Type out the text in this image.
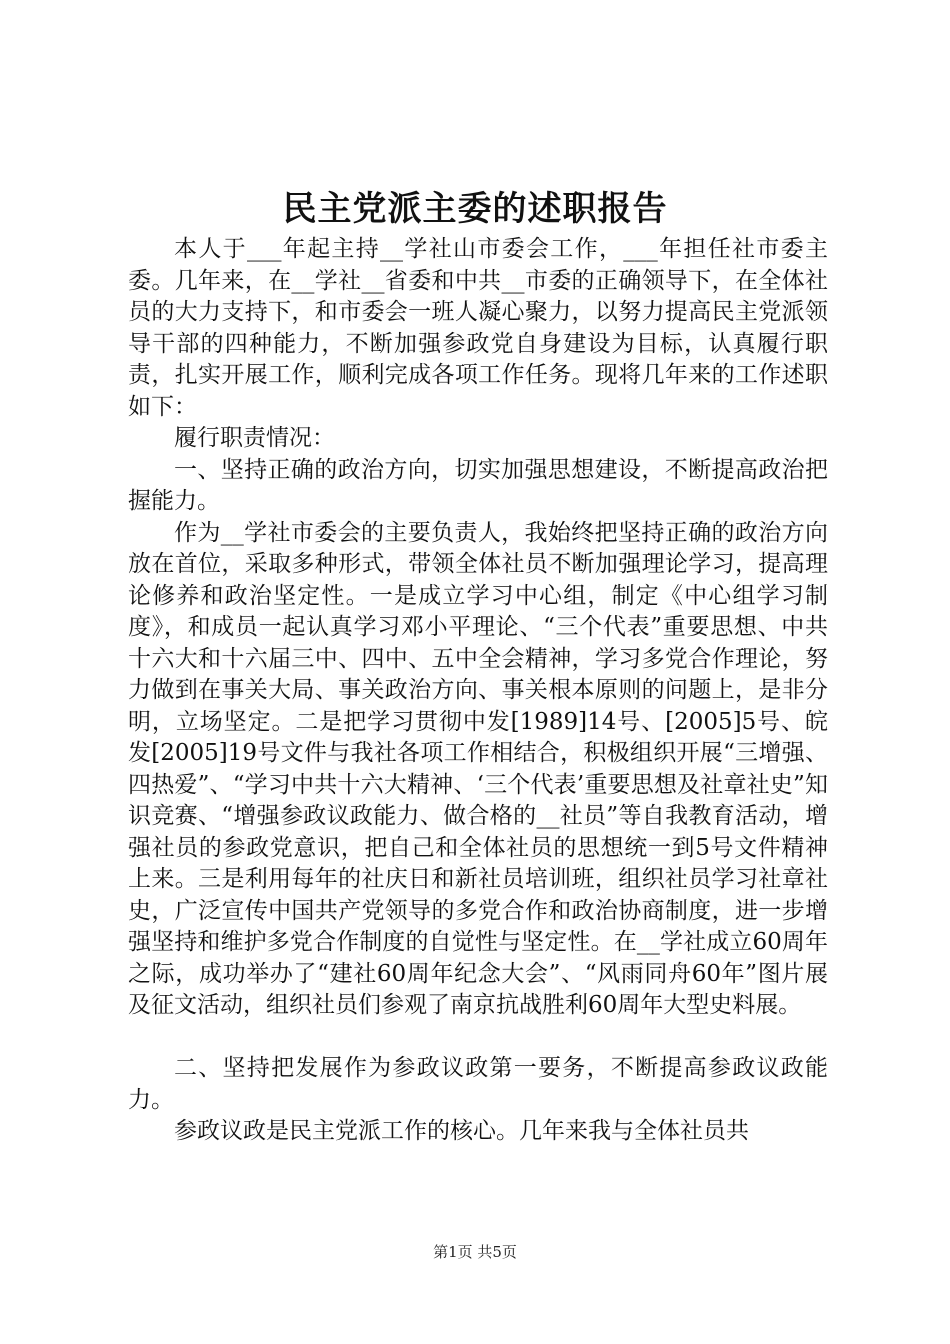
民主党派主委的述职报告

本人于___年起主持__学社山市委会工作，___年担任社市委主委。几年来，在__学社__省委和中共__市委的正确领导下，在全体社员的大力支持下，和市委会一班人凝心聚力，以努力提高民主党派领导干部的四种能力，不断加强参政党自身建设为目标，认真履行职责，扎实开展工作，顺利完成各项工作任务。现将几年来的工作述职如下：

履行职责情况：

一、坚持正确的政治方向，切实加强思想建设，不断提高政治把握能力。

作为__学社市委会的主要负责人，我始终把坚持正确的政治方向放在首位，采取多种形式，带领全体社员不断加强理论学习，提高理论修养和政治坚定性。一是成立学习中心组，制定《中心组学习制度》，和成员一起认真学习邓小平理论、“三个代表”重要思想、中共十六大和十六届三中、四中、五中全会精神，学习多党合作理论，努力做到在事关大局、事关政治方向、事关根本原则的问题上，是非分明，立场坚定。二是把学习贯彻中发[1989]14号、[2005]5号、皖发[2005]19号文件与我社各项工作相结合，积极组织开展“三增强、四热爱”、“学习中共十六大精神、‘三个代表’重要思想及社章社史”知识竞赛、“增强参政议政能力、做合格的__社员”等自我教育活动，增强社员的参政党意识，把自己和全体社员的思想统一到5号文件精神上来。三是利用每年的社庆日和新社员培训班，组织社员学习社章社史，广泛宣传中国共产党领导的多党合作和政治协商制度，进一步增强坚持和维护多党合作制度的自觉性与坚定性。在__学社成立60周年之际，成功举办了“建社60周年纪念大会”、“风雨同舟60年”图片展及征文活动，组织社员们参观了南京抗战胜利60周年大型史料展。

二、坚持把发展作为参政议政第一要务，不断提高参政议政能力。

参政议政是民主党派工作的核心。几年来我与全体社员共

第1页 共5页
